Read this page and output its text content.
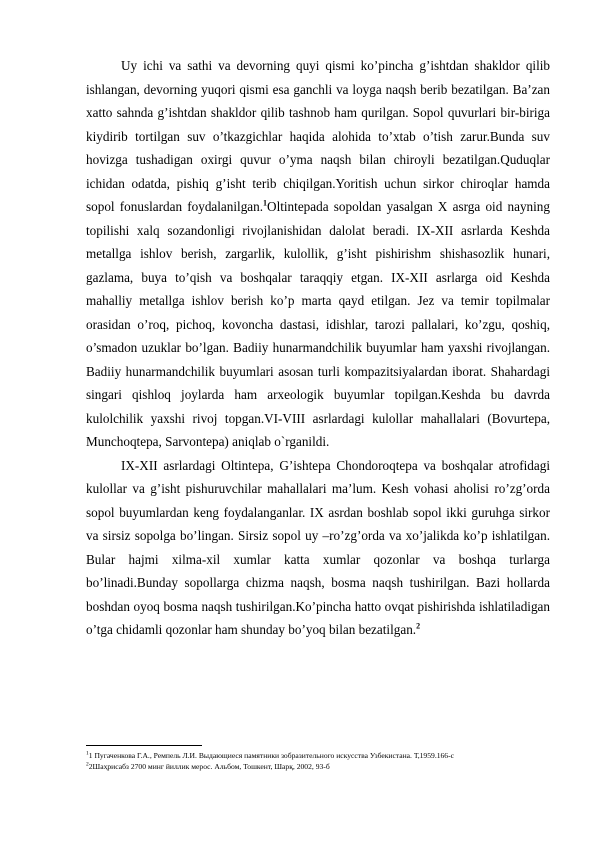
Uy ichi va sathi va devorning quyi qismi ko’pincha g’ishtdan shakldor qilib ishlangan, devorning yuqori qismi esa ganchli va loyga naqsh berib bezatilgan. Ba’zan xatto sahnda g’ishtdan shakldor qilib tashnob ham qurilgan. Sopol quvurlari bir-biriga kiydirib tortilgan suv o’tkazgichlar haqida alohida to’xtab o’tish zarur.Bunda suv hovizga tushadigan oxirgi quvur o’yma naqsh bilan chiroyli bezatilgan.Quduqlar ichidan odatda, pishiq g’isht terib chiqilgan.Yoritish uchun sirkor chiroqlar hamda sopol fonuslardan foydalanilgan.$^1$Oltintepada sopoldan yasalgan X asrga oid nayning topilishi xalq sozandonligi rivojlanishidan dalolat beradi. IX-XII asrlarda Keshda metallga ishlov berish, zargarlik, kulollik, g’isht pishirishm shishasozlik hunari, gazlama, buya to’qish va boshqalar taraqqiy etgan. IX-XII asrlarga oid Keshda mahalliy metallga ishlov berish ko’p marta qayd etilgan. Jez va temir topilmalar orasidan o’roq, pichoq, kovoncha dastasi, idishlar, tarozi pallalari, ko’zgu, qoshiq, o’smadon uzuklar bo’lgan. Badiiy hunarmandchilik buyumlar ham yaxshi rivojlangan. Badiiy hunarmandchilik buyumlari asosan turli kompazitsiyalardan iborat. Shahardagi singari qishloq joylarda ham arxeologik buyumlar topilgan.Keshda bu davrda kulolchilik yaxshi rivoj topgan.VI-VIII asrlardagi kulollar mahallalari (Bovurtepa, Munchoqtepa, Sarvontepa) aniqlab o`rganildi.

IX-XII asrlardagi Oltintepa, G’ishtepa Chondoroqtepa va boshqalar atrofidagi kulollar va g’isht pishuruvchilar mahallalari ma’lum. Kesh vohasi aholisi ro’zg’orda sopol buyumlardan keng foydalanganlar. IX asrdan boshlab sopol ikki guruhga sirkor va sirsiz sopolga bo’lingan. Sirsiz sopol uy –ro’zg’orda va xo’jalikda ko’p ishlatilgan. Bular hajmi xilma-xil xumlar katta xumlar qozonlar va boshqa turlarga bo’linadi.Bunday sopollarga chizma naqsh, bosma naqsh tushirilgan. Bazi hollarda boshdan oyoq bosma naqsh tushirilgan.Ko’pincha hatto ovqat pishirishda ishlatiladigan o’tga chidamli qozonlar ham shunday bo’yoq bilan bezatilgan.$^2$

$^1$1 Пугаченкова Г.А., Ремпель Л.И. Выдающиеся памятники зобразительного искусства Узбекистана. Т,1959.166-с

$^2$2Шаҳрисабз 2700 минг йиллик мерос. Альбом, Тошкент, Шарқ, 2002, 93-б
